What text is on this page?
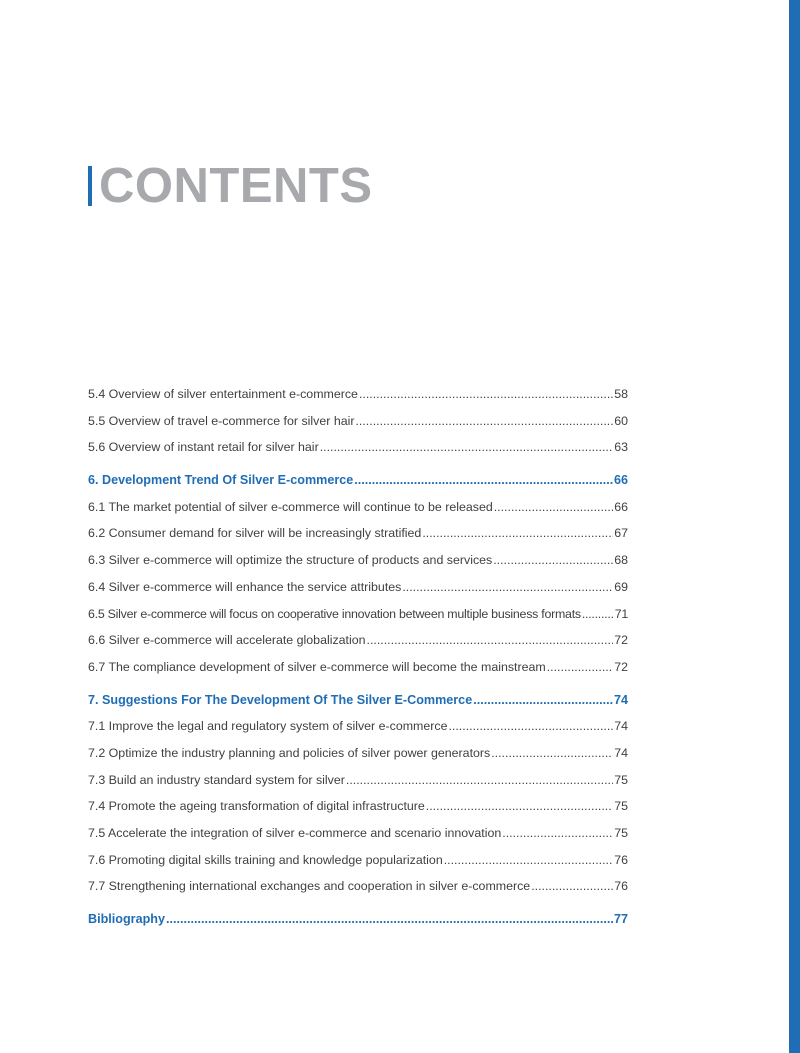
CONTENTS
5.4 Overview of silver entertainment e-commerce .....	58
5.5 Overview of travel e-commerce for silver hair .....	60
5.6 Overview of instant retail for silver hair .....	63
6. Development Trend Of Silver E-commerce .....	66
6.1 The market potential of silver e-commerce will continue to be released .....	66
6.2 Consumer demand for silver will be increasingly stratified .....	67
6.3 Silver e-commerce will optimize the structure of products and services .....	68
6.4 Silver e-commerce will enhance the service attributes .....	69
6.5 Silver e-commerce will focus on cooperative innovation between multiple business formats .....	71
6.6 Silver e-commerce will accelerate globalization .....	72
6.7 The compliance development of silver e-commerce will become the mainstream .....	72
7. Suggestions For The Development Of The Silver E-Commerce .....	74
7.1 Improve the legal and regulatory system of silver e-commerce .....	74
7.2 Optimize the industry planning and policies of silver power generators .....	74
7.3 Build an industry standard system for silver .....	75
7.4 Promote the ageing transformation of digital infrastructure .....	75
7.5 Accelerate the integration of silver e-commerce and scenario innovation .....	75
7.6 Promoting digital skills training and knowledge popularization .....	76
7.7 Strengthening international exchanges and cooperation in silver e-commerce .....	76
Bibliography .....	77
